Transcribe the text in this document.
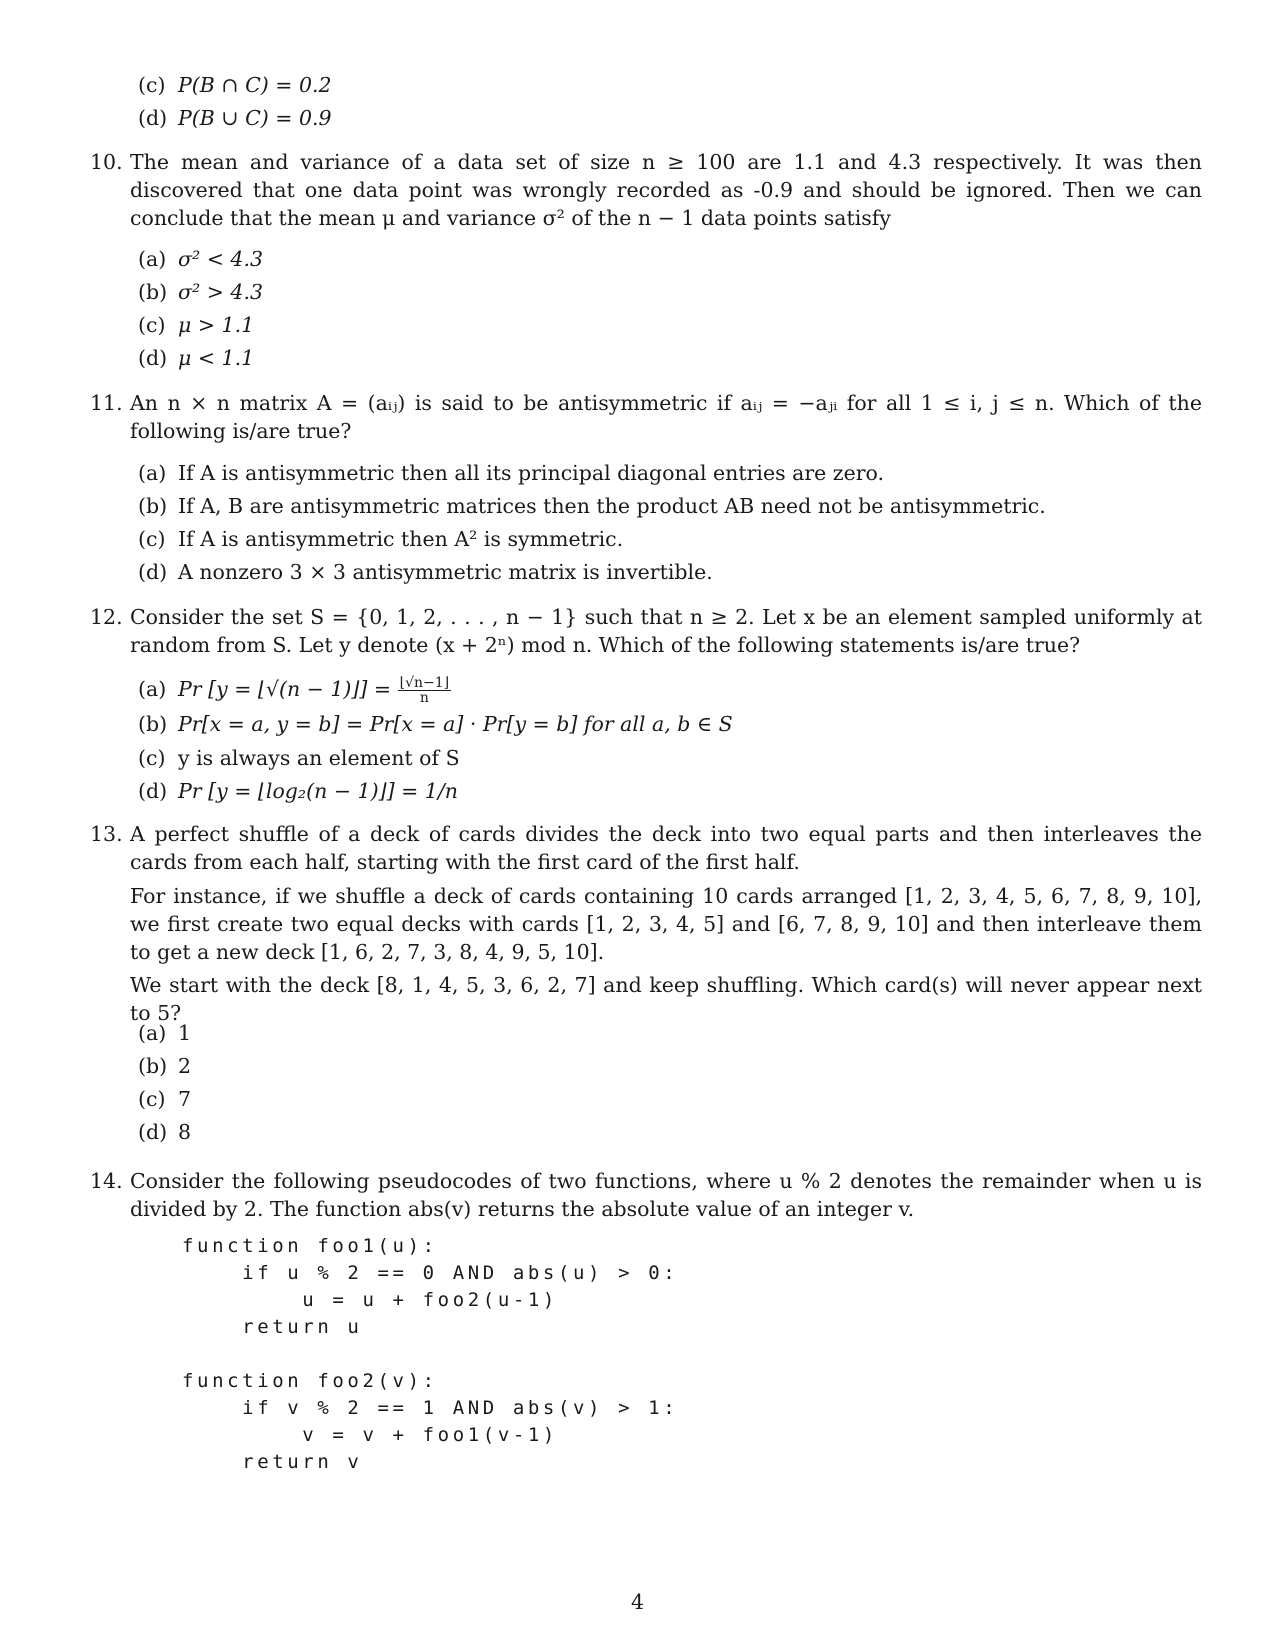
(c) P(B ∩ C) = 0.2
(d) P(B ∪ C) = 0.9
10. The mean and variance of a data set of size n ≥ 100 are 1.1 and 4.3 respectively. It was then discovered that one data point was wrongly recorded as -0.9 and should be ignored. Then we can conclude that the mean μ and variance σ² of the n − 1 data points satisfy
(a) σ² < 4.3
(b) σ² > 4.3
(c) μ > 1.1
(d) μ < 1.1
11. An n × n matrix A = (aᵢⱼ) is said to be antisymmetric if aᵢⱼ = −aⱼᵢ for all 1 ≤ i, j ≤ n. Which of the following is/are true?
(a) If A is antisymmetric then all its principal diagonal entries are zero.
(b) If A, B are antisymmetric matrices then the product AB need not be antisymmetric.
(c) If A is antisymmetric then A² is symmetric.
(d) A nonzero 3 × 3 antisymmetric matrix is invertible.
12. Consider the set S = {0, 1, 2, . . . , n − 1} such that n ≥ 2. Let x be an element sampled uniformly at random from S. Let y denote (x + 2ⁿ) mod n. Which of the following statements is/are true?
(a) Pr [y = ⌊√(n − 1)⌋] = $\frac{⌊√n-1⌋}{n}$
(b) Pr[x = a, y = b] = Pr[x = a] · Pr[y = b] for all a, b ∈ S
(c) y is always an element of S
(d) Pr [y = ⌊log₂(n − 1)⌋] = 1/n
13. A perfect shuffle of a deck of cards divides the deck into two equal parts and then interleaves the cards from each half, starting with the first card of the first half.
For instance, if we shuffle a deck of cards containing 10 cards arranged [1, 2, 3, 4, 5, 6, 7, 8, 9, 10], we first create two equal decks with cards [1, 2, 3, 4, 5] and [6, 7, 8, 9, 10] and then interleave them to get a new deck [1, 6, 2, 7, 3, 8, 4, 9, 5, 10].
We start with the deck [8, 1, 4, 5, 3, 6, 2, 7] and keep shuffling. Which card(s) will never appear next to 5?
(a) 1
(b) 2
(c) 7
(d) 8
14. Consider the following pseudocodes of two functions, where u % 2 denotes the remainder when u is divided by 2. The function abs(v) returns the absolute value of an integer v.
function foo1(u):
if u % 2 == 0 AND abs(u) > 0:
u = u + foo2(u-1)
return u
function foo2(v):
if v % 2 == 1 AND abs(v) > 1:
v = v + foo1(v-1)
return v
4
